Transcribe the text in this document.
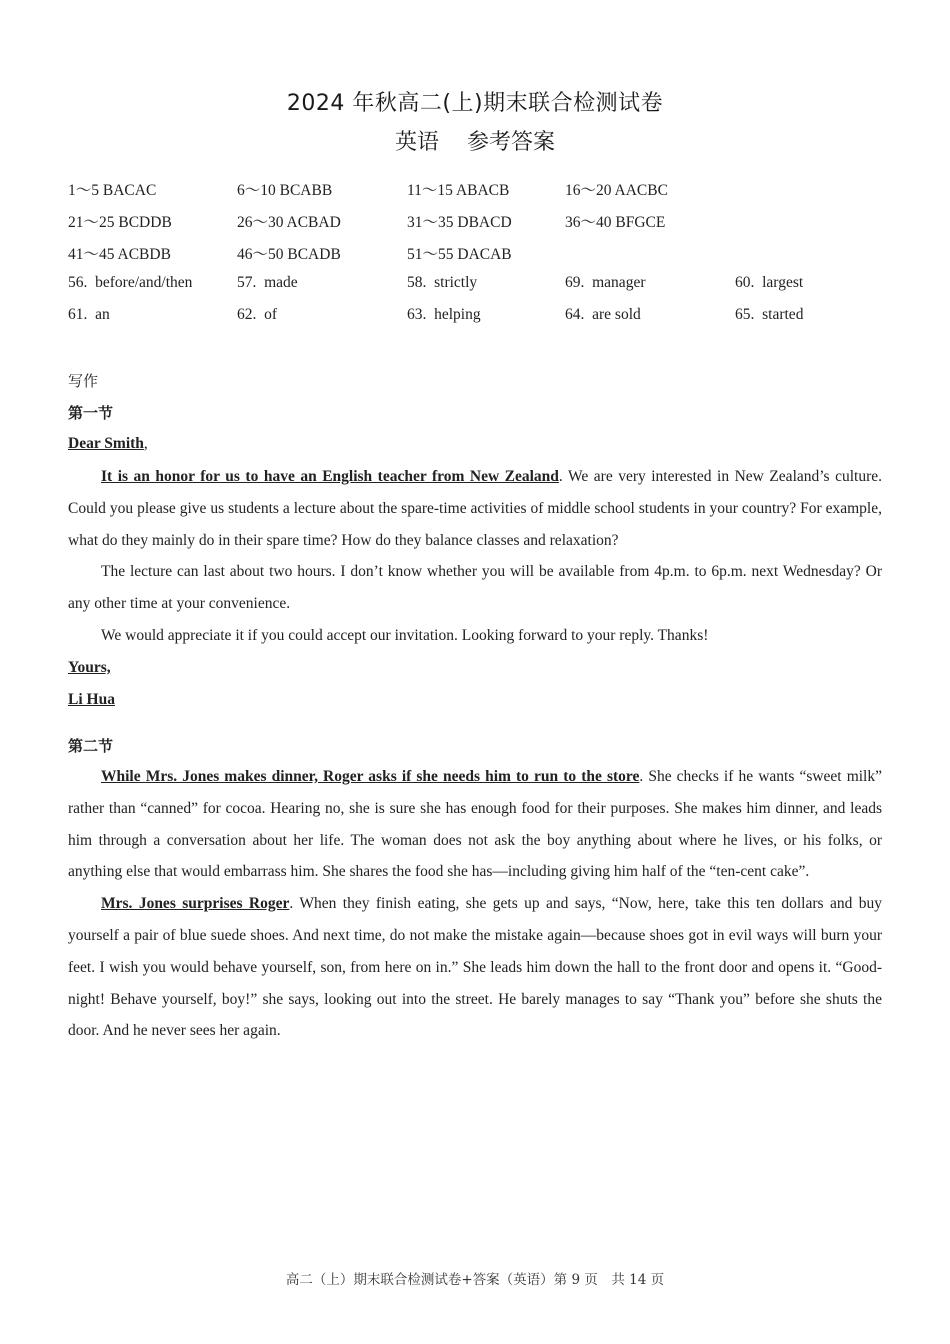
2024 年秋高二(上)期末联合检测试卷
英语 参考答案
1～5 BACAC	6～10 BCABB	11～15 ABACB	16～20 AACBC
21～25 BCDDB	26～30 ACBAD	31～35 DBACD	36～40 BFGCE
41～45 ACBDB	46～50 BCADB	51～55 DACAB
56.  before/and/then	57.  made	58.  strictly	69.  manager	60.  largest
61.  an	62.  of	63.  helping	64.  are sold	65.  started
写作
第一节
Dear Smith,

It is an honor for us to have an English teacher from New Zealand. We are very interested in New Zealand’s culture. Could you please give us students a lecture about the spare-time activities of middle school students in your country? For example, what do they mainly do in their spare time? How do they balance classes and relaxation?

The lecture can last about two hours. I don’t know whether you will be available from 4p.m. to 6p.m. next Wednesday? Or any other time at your convenience.

We would appreciate it if you could accept our invitation. Looking forward to your reply. Thanks!

Yours,
Li Hua
第二节

While Mrs. Jones makes dinner, Roger asks if she needs him to run to the store. She checks if he wants “sweet milk” rather than “canned” for cocoa. Hearing no, she is sure she has enough food for their purposes. She makes him dinner, and leads him through a conversation about her life. The woman does not ask the boy anything about where he lives, or his folks, or anything else that would embarrass him. She shares the food she has—including giving him half of the “ten-cent cake”.

Mrs. Jones surprises Roger. When they finish eating, she gets up and says, “Now, here, take this ten dollars and buy yourself a pair of blue suede shoes. And next time, do not make the mistake again—because shoes got in evil ways will burn your feet. I wish you would behave yourself, son, from here on in.” She leads him down the hall to the front door and opens it. “Good-night! Behave yourself, boy!” she says, looking out into the street. He barely manages to say “Thank you” before she shuts the door. And he never sees her again.

高二（上）期末联合检测试卷+答案（英语）第 9 页　共 14 页
